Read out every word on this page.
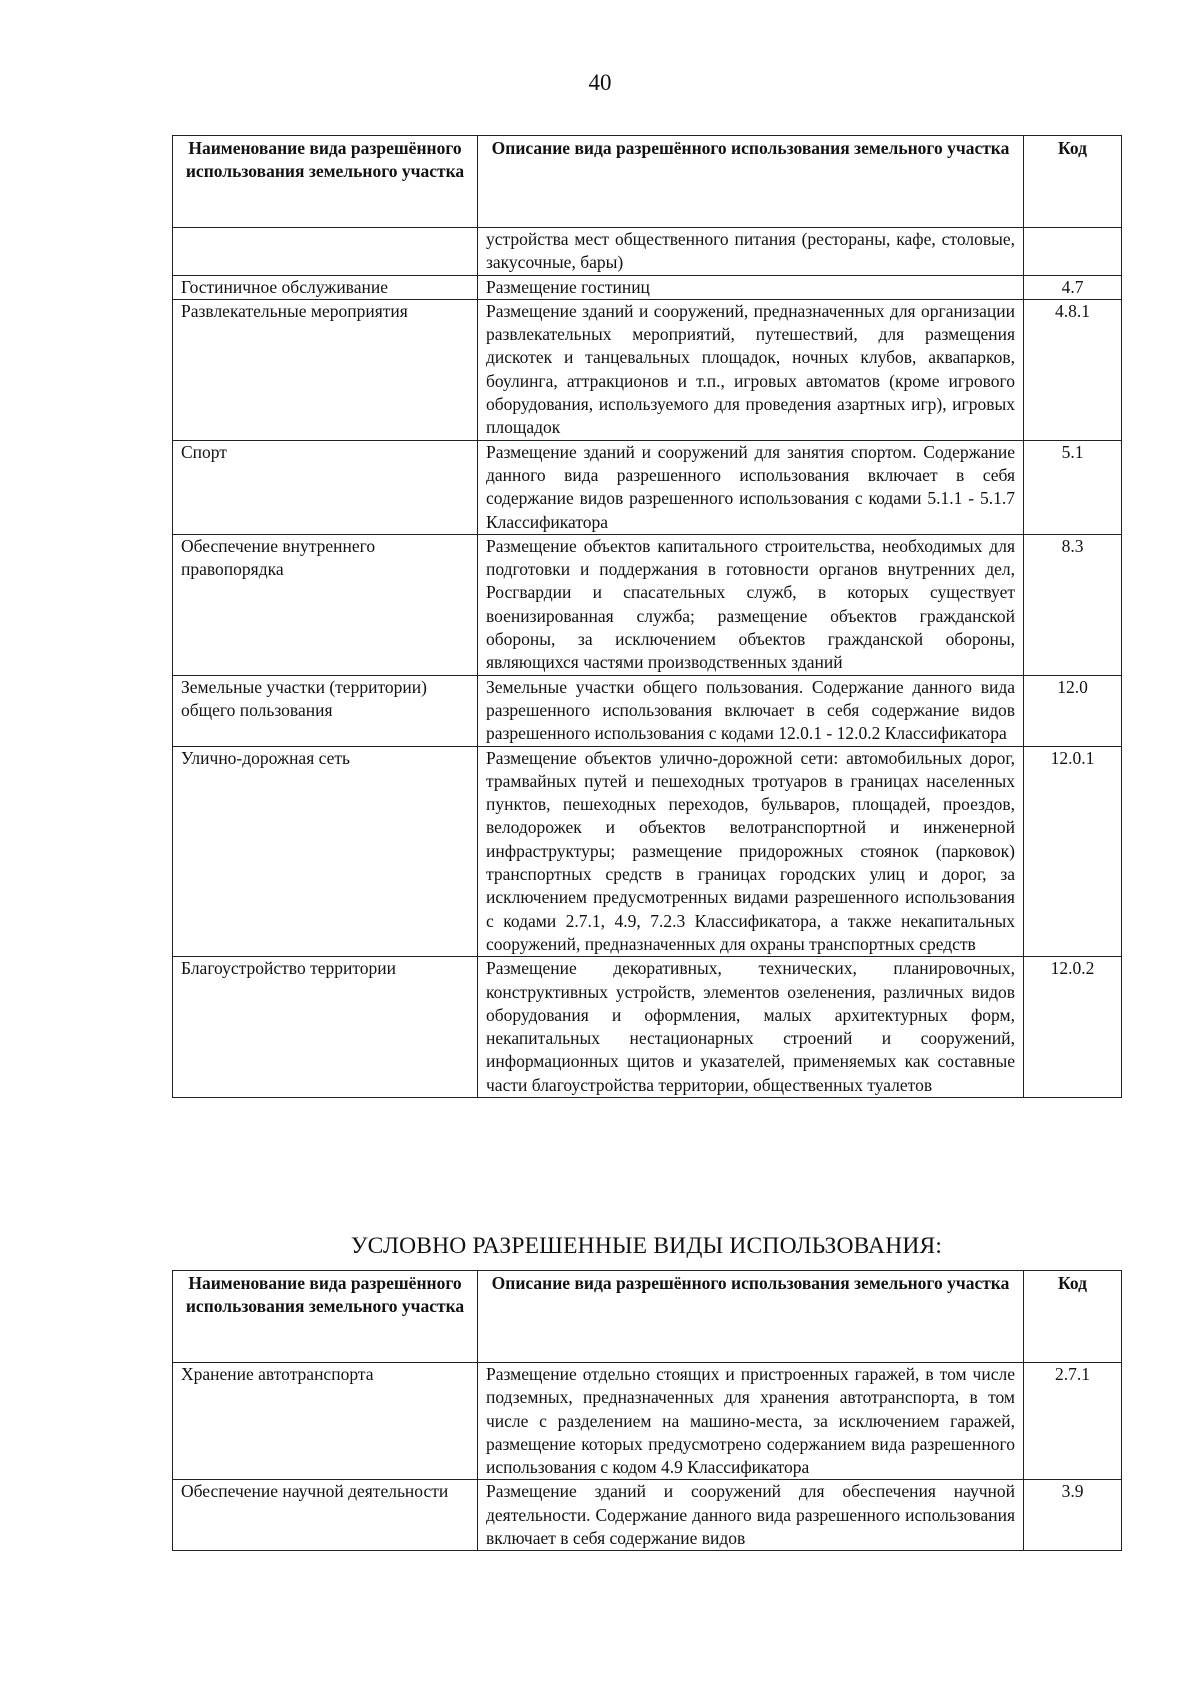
40
Наименование вида разрешённого использования земельного участка	Описание вида разрешённого использования земельного участка	Код
	устройства мест общественного питания (рестораны, кафе, столовые, закусочные, бары)	
Гостиничное обслуживание	Размещение гостиниц	4.7
Развлекательные мероприятия	Размещение зданий и сооружений, предназначенных для организации развлекательных мероприятий, путешествий, для размещения дискотек и танцевальных площадок, ночных клубов, аквапарков, боулинга, аттракционов и т.п., игровых автоматов (кроме игрового оборудования, используемого для проведения азартных игр), игровых площадок	4.8.1
Спорт	Размещение зданий и сооружений для занятия спортом. Содержание данного вида разрешенного использования включает в себя содержание видов разрешенного использования с кодами 5.1.1 - 5.1.7 Классификатора	5.1
Обеспечение внутреннего правопорядка	Размещение объектов капитального строительства, необходимых для подготовки и поддержания в готовности органов внутренних дел, Росгвардии и спасательных служб, в которых существует военизированная служба; размещение объектов гражданской обороны, за исключением объектов гражданской обороны, являющихся частями производственных зданий	8.3
Земельные участки (территории) общего пользования	Земельные участки общего пользования. Содержание данного вида разрешенного использования включает в себя содержание видов разрешенного использования с кодами 12.0.1 - 12.0.2 Классификатора	12.0
Улично-дорожная сеть	Размещение объектов улично-дорожной сети: автомобильных дорог, трамвайных путей и пешеходных тротуаров в границах населенных пунктов, пешеходных переходов, бульваров, площадей, проездов, велодорожек и объектов велотранспортной и инженерной инфраструктуры; размещение придорожных стоянок (парковок) транспортных средств в границах городских улиц и дорог, за исключением предусмотренных видами разрешенного использования с кодами 2.7.1, 4.9, 7.2.3 Классификатора, а также некапитальных сооружений, предназначенных для охраны транспортных средств	12.0.1
Благоустройство территории	Размещение декоративных, технических, планировочных, конструктивных устройств, элементов озеленения, различных видов оборудования и оформления, малых архитектурных форм, некапитальных нестационарных строений и сооружений, информационных щитов и указателей, применяемых как составные части благоустройства территории, общественных туалетов	12.0.2
УСЛОВНО РАЗРЕШЕННЫЕ ВИДЫ ИСПОЛЬЗОВАНИЯ:
Наименование вида разрешённого использования земельного участка	Описание вида разрешённого использования земельного участка	Код
Хранение автотранспорта	Размещение отдельно стоящих и пристроенных гаражей, в том числе подземных, предназначенных для хранения автотранспорта, в том числе с разделением на машино-места, за исключением гаражей, размещение которых предусмотрено содержанием вида разрешенного использования с кодом 4.9 Классификатора	2.7.1
Обеспечение научной деятельности	Размещение зданий и сооружений для обеспечения научной деятельности. Содержание данного вида разрешенного использования включает в себя содержание видов	3.9
